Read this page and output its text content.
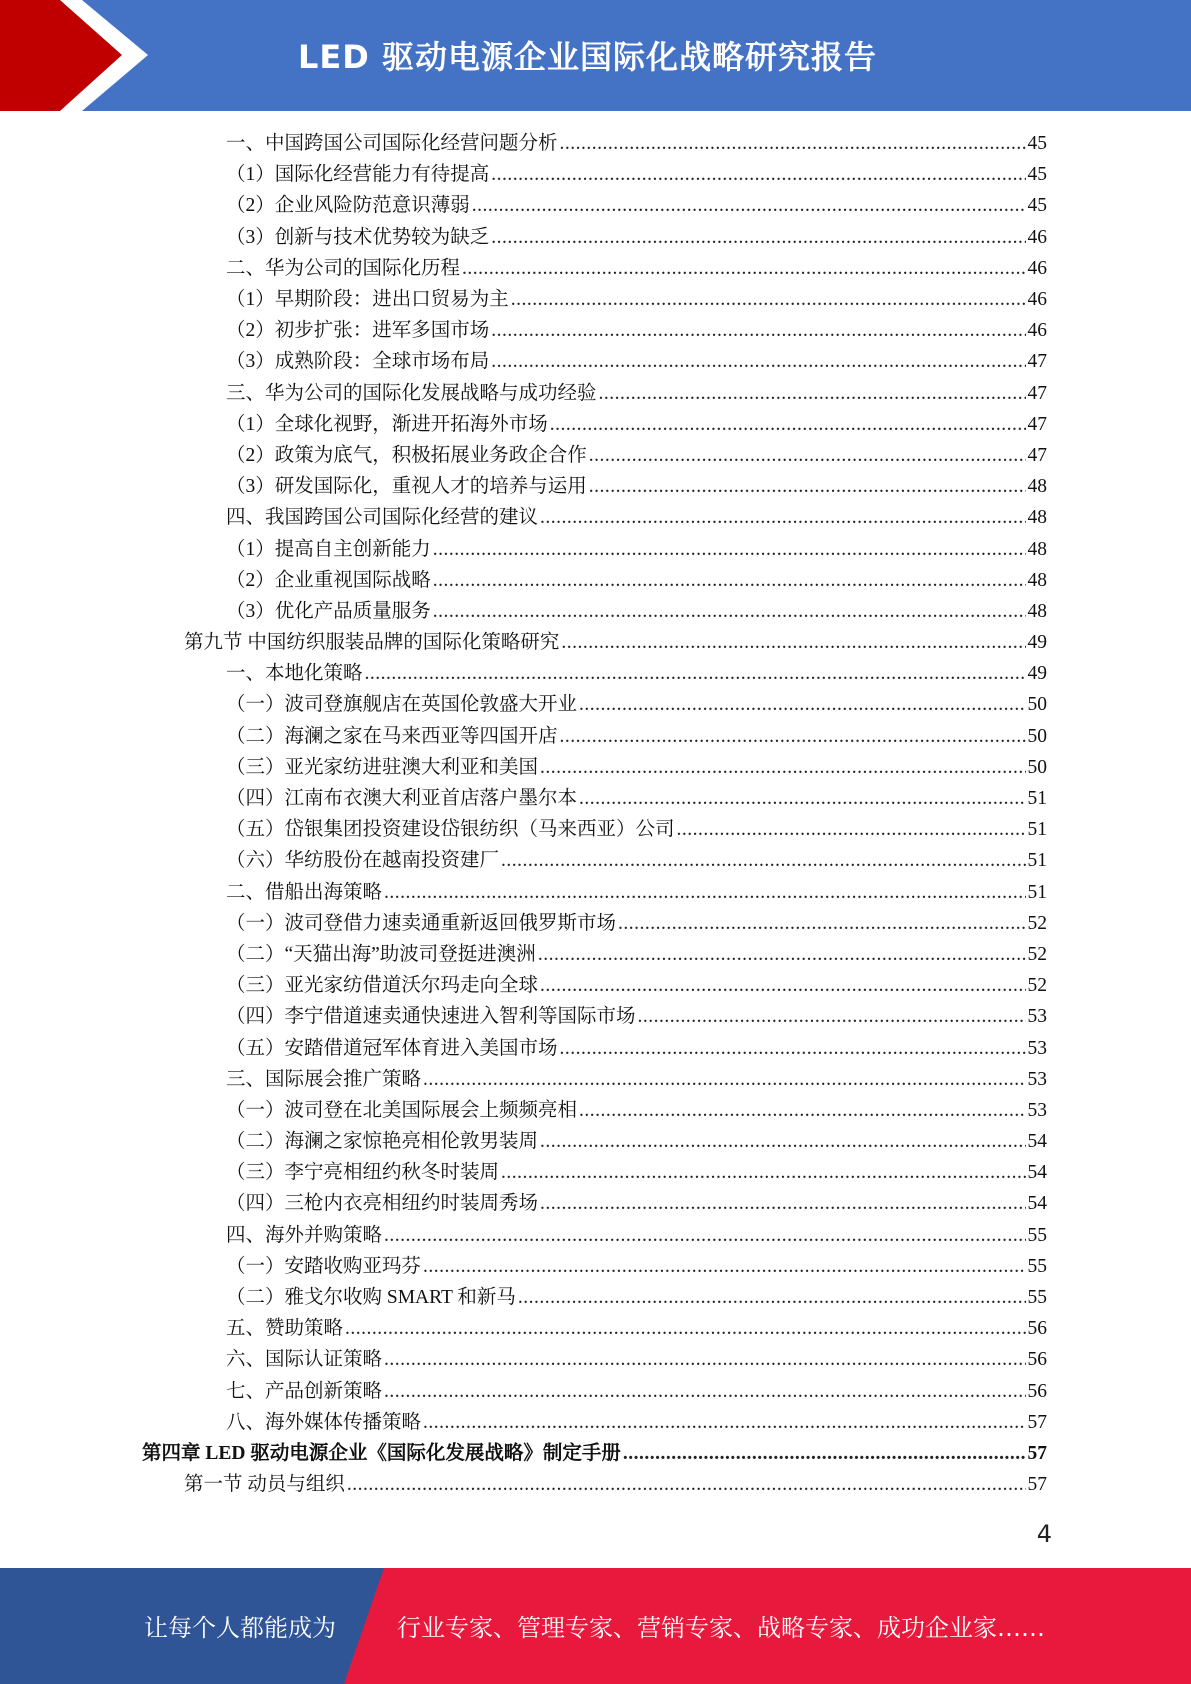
LED 驱动电源企业国际化战略研究报告
一、中国跨国公司国际化经营问题分析 .....	45
（1）国际化经营能力有待提高 .....	45
（2）企业风险防范意识薄弱 .....	45
（3）创新与技术优势较为缺乏 .....	46
二、华为公司的国际化历程 .....	46
（1）早期阶段：进出口贸易为主 .....	46
（2）初步扩张：进军多国市场 .....	46
（3）成熟阶段：全球市场布局 .....	47
三、华为公司的国际化发展战略与成功经验 .....	47
（1）全球化视野，渐进开拓海外市场 .....	47
（2）政策为底气，积极拓展业务政企合作 .....	47
（3）研发国际化，重视人才的培养与运用 .....	48
四、我国跨国公司国际化经营的建议 .....	48
（1）提高自主创新能力 .....	48
（2）企业重视国际战略 .....	48
（3）优化产品质量服务 .....	48
第九节 中国纺织服装品牌的国际化策略研究 .....	49
一、本地化策略 .....	49
（一）波司登旗舰店在英国伦敦盛大开业 .....	50
（二）海澜之家在马来西亚等四国开店 .....	50
（三）亚光家纺进驻澳大利亚和美国 .....	50
（四）江南布衣澳大利亚首店落户墨尔本 .....	51
（五）岱银集团投资建设岱银纺织（马来西亚）公司 .....	51
（六）华纺股份在越南投资建厂 .....	51
二、借船出海策略 .....	51
（一）波司登借力速卖通重新返回俄罗斯市场 .....	52
（二）“天猫出海”助波司登挺进澳洲 .....	52
（三）亚光家纺借道沃尔玛走向全球 .....	52
（四）李宁借道速卖通快速进入智利等国际市场 .....	53
（五）安踏借道冠军体育进入美国市场 .....	53
三、国际展会推广策略 .....	53
（一）波司登在北美国际展会上频频亮相 .....	53
（二）海澜之家惊艳亮相伦敦男装周 .....	54
（三）李宁亮相纽约秋冬时装周 .....	54
（四）三枪内衣亮相纽约时装周秀场 .....	54
四、海外并购策略 .....	55
（一）安踏收购亚玛芬 .....	55
（二）雅戈尔收购 SMART 和新马 .....	55
五、赞助策略 .....	56
六、国际认证策略 .....	56
七、产品创新策略 .....	56
八、海外媒体传播策略 .....	57
第四章 LED 驱动电源企业《国际化发展战略》制定手册 .....	57
第一节 动员与组织 .....	57
4
让每个人都能成为	行业专家、管理专家、营销专家、战略专家、成功企业家……
